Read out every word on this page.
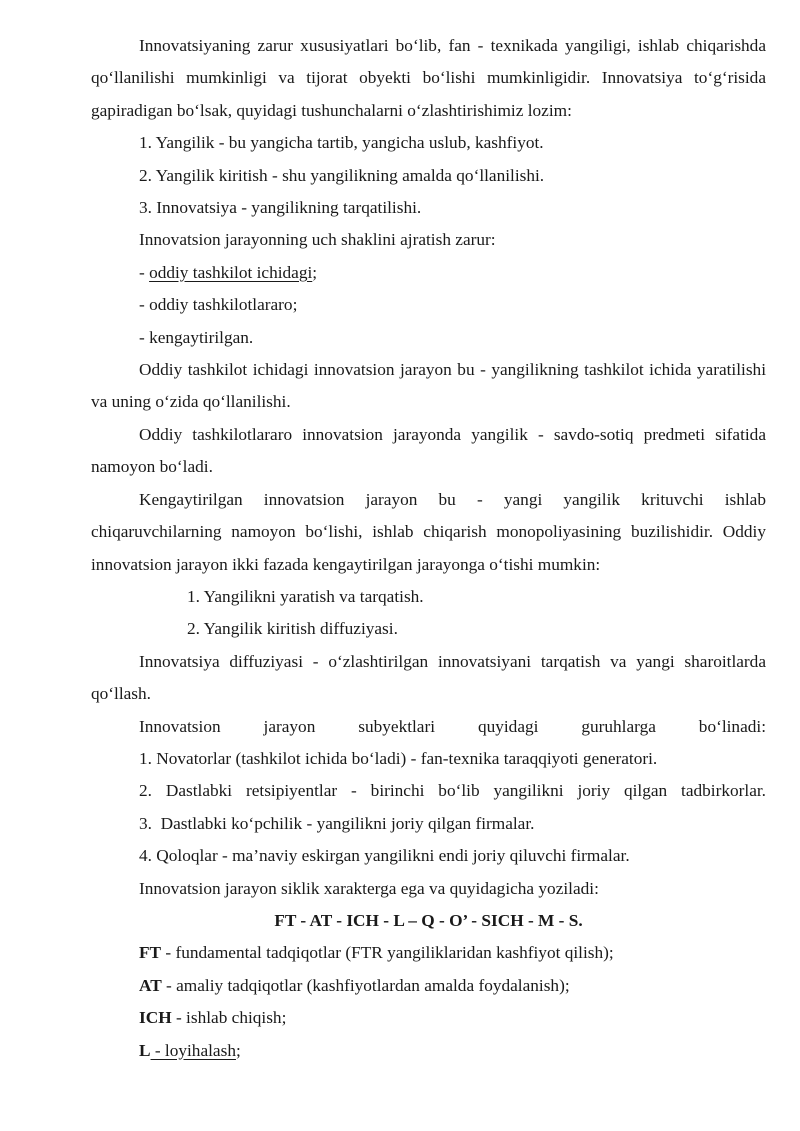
Innovatsiyaning zarur xususiyatlari bo‘lib, fan - texnikada yangiligi, ishlab chiqarishda qo‘llanilishi mumkinligi va tijorat obyekti bo‘lishi mumkinligidir. Innovatsiya to‘g‘risida gapiradigan bo‘lsak, quyidagi tushunchalarni o‘zlashtirishimiz lozim:

1. Yangilik - bu yangicha tartib, yangicha uslub, kashfiyot.

2. Yangilik kiritish - shu yangilikning amalda qo‘llanilishi.

3. Innovatsiya - yangilikning tarqatilishi.

Innovatsion jarayonning uch shaklini ajratish zarur:

- oddiy tashkilot ichidagi;

- oddiy tashkilotlararo;

- kengaytirilgan.

Oddiy tashkilot ichidagi innovatsion jarayon bu - yangilikning tashkilot ichida yaratilishi va uning o‘zida qo‘llanilishi.

Oddiy tashkilotlararo innovatsion jarayonda yangilik - savdo-sotiq predmeti sifatida namoyon bo‘ladi.

Kengaytirilgan innovatsion jarayon bu - yangi yangilik krituvchi ishlab chiqaruvchilarning namoyon bo‘lishi, ishlab chiqarish monopoliyasining buzilishidir. Oddiy innovatsion jarayon ikki fazada kengaytirilgan jarayonga o‘tishi mumkin:

1. Yangilikni yaratish va tarqatish.

2. Yangilik kiritish diffuziyasi.

Innovatsiya diffuziyasi - o‘zlashtirilgan innovatsiyani tarqatish va yangi sharoitlarda qo‘llash.

Innovatsion jarayon subyektlari quyidagi guruhlarga bo‘linadi:

1. Novatorlar (tashkilot ichida bo‘ladi) - fan-texnika taraqqiyoti generatori.

2. Dastlabki retsipiyentlar - birinchi bo‘lib yangilikni joriy qilgan tadbirkorlar.

3.  Dastlabki ko‘pchilik - yangilikni joriy qilgan firmalar.

4. Qoloqlar - ma’naviy eskirgan yangilikni endi joriy qiluvchi firmalar.

Innovatsion jarayon siklik xarakterga ega va quyidagicha yoziladi:

FT - AT - ICH - L – Q - O’ - SICH - M - S.

FT - fundamental tadqiqotlar (FTR yangiliklaridan kashfiyot qilish);

AT - amaliy tadqiqotlar (kashfiyotlardan amalda foydalanish);

ICH - ishlab chiqish;

L - loyihalash;
